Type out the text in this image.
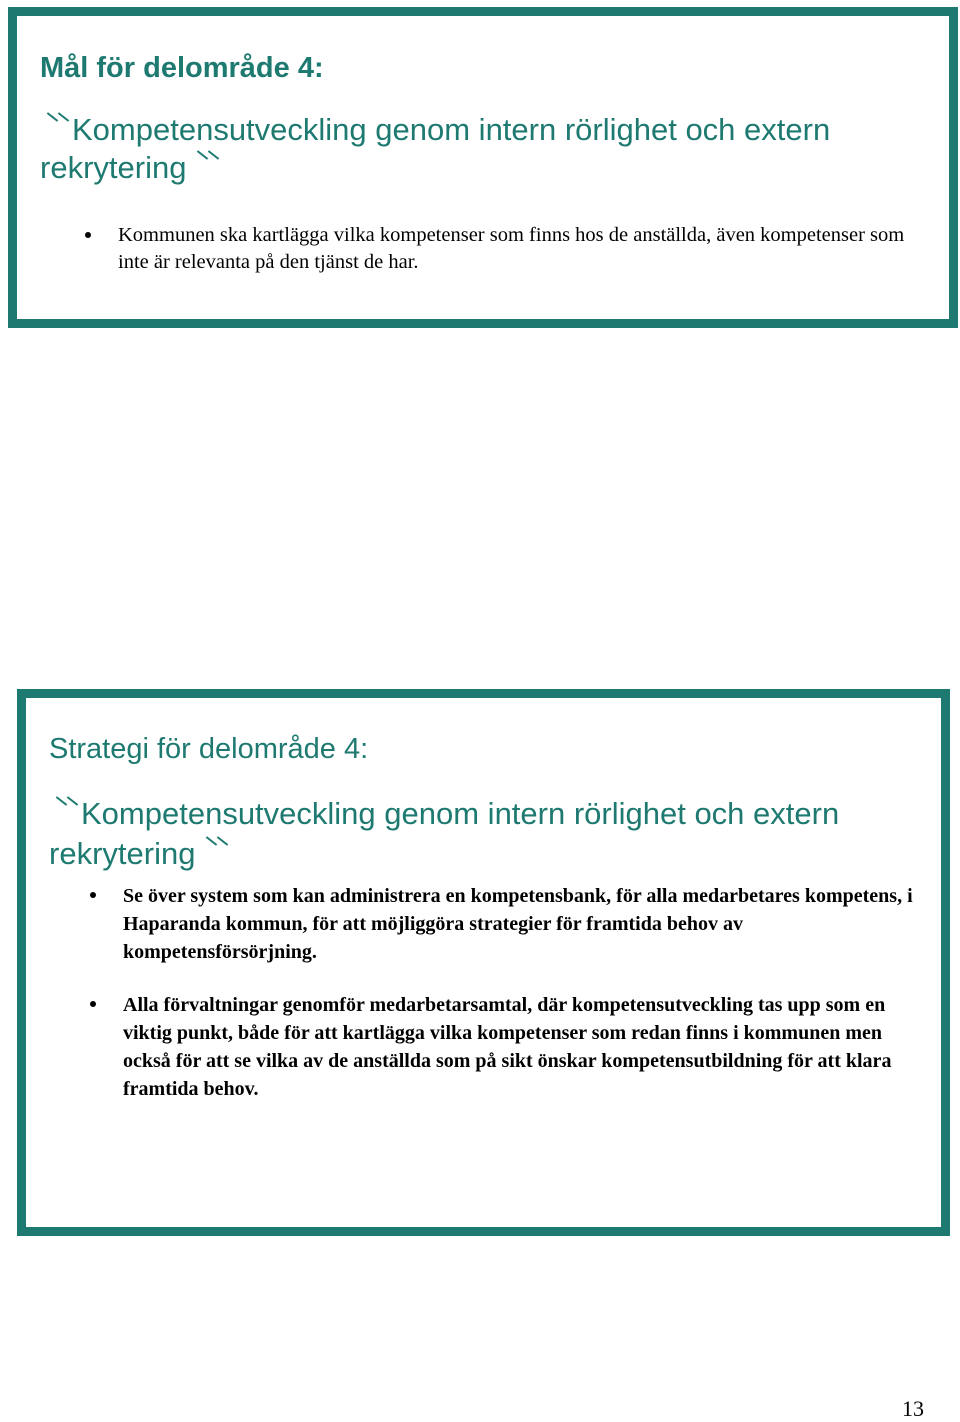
Mål för delområde 4:
Kompetensutveckling genom intern rörlighet och extern rekrytering
Kommunen ska kartlägga vilka kompetenser som finns hos de anställda, även kompetenser som inte är relevanta på den tjänst de har.
Strategi för delområde 4:
Kompetensutveckling genom intern rörlighet och extern rekrytering
Se över system som kan administrera en kompetensbank, för alla medarbetares kompetens, i Haparanda kommun, för att möjliggöra strategier för framtida behov av kompetensförsörjning.
Alla förvaltningar genomför medarbetarsamtal, där kompetensutveckling tas upp som en viktig punkt, både för att kartlägga vilka kompetenser som redan finns i kommunen men också för att se vilka av de anställda som på sikt önskar kompetensutbildning för att klara framtida behov.
13
